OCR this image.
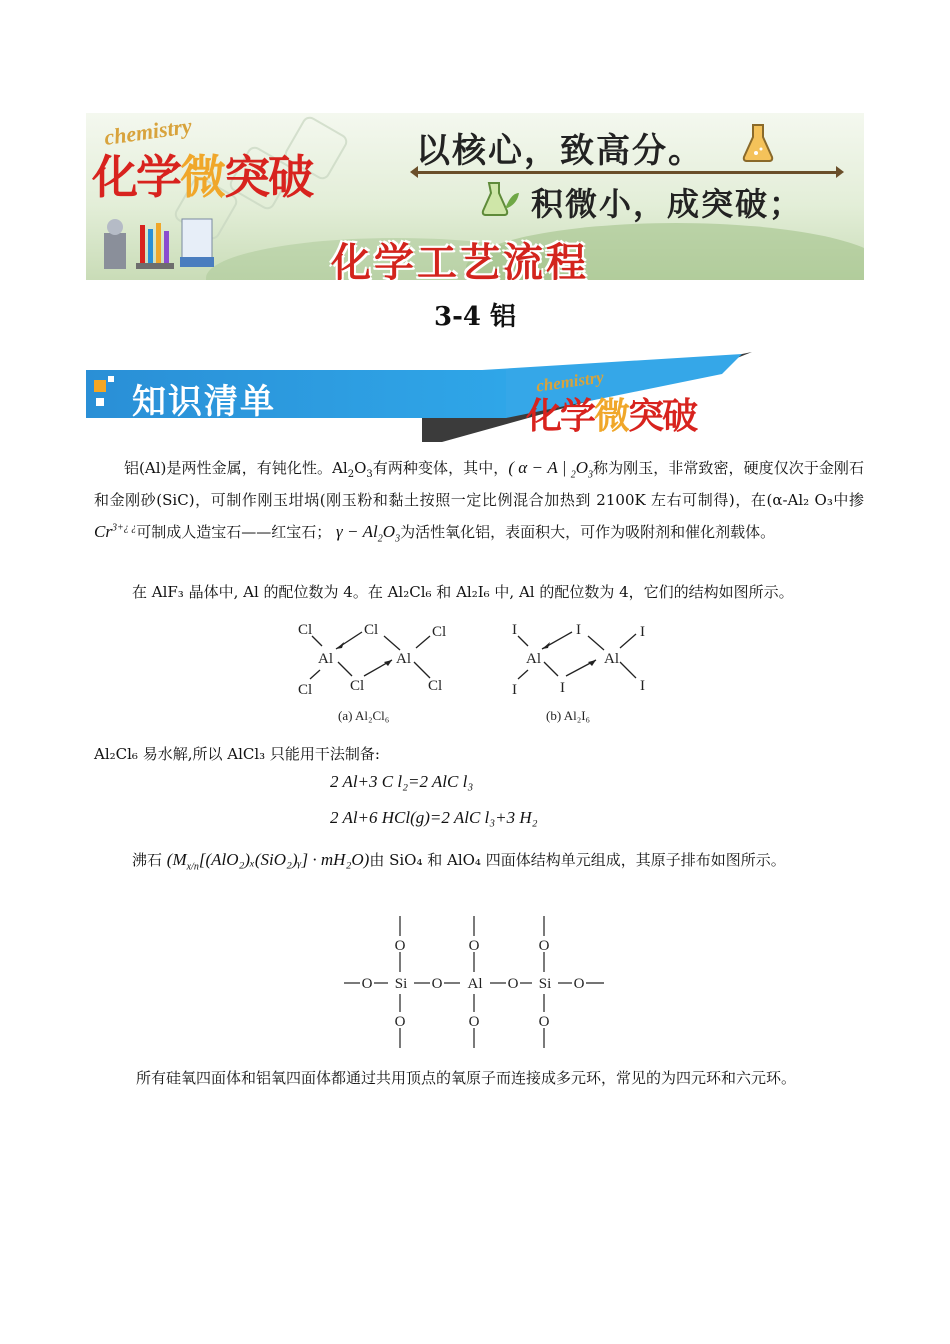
chemistry
化学微突破	以核心，致高分。
积微小，成突破；
化学工艺流程
3-4 铝
知识清单
chemistry
化学微突破
铝(Al)是两性金属，有钝化性。$Al_2O_3$有两种变体，其中，( α − A | $_2O_3$称为刚玉，非常致密，硬度仅次于金刚石和金刚砂(SiC)，可制作刚玉坩埚(刚玉粉和黏土按照一定比例混合加热到 2100K 左右可制得)，在(α-Al₂ O₃中掺 $Cr^{3+¿ ¿}$可制成人造宝石——红宝石； $\gamma - Al_2O_3$为活性氧化铝，表面积大，可作为吸附剂和催化剂载体。
在 AlF₃ 晶体中, Al 的配位数为 4。在 Al₂Cl₆ 和 Al₂I₆ 中, Al 的配位数为 4，它们的结构如图所示。
Cl	Cl	Cl
Al	Al
Cl	Cl	Cl
I	I	I
Al	Al
I	I	I
(a) Al₂Cl₆	(b) Al₂I₆
Al₂Cl₆ 易水解,所以 AlCl₃ 只能用干法制备:
2 Al+3 C l₂=2 AlC l₃
2 Al+6 HCl(g)=2 AlC l₃+3 H₂
沸石 $(M_{x/n}[(AlO_2)_x(SiO_2)ᵧ] \cdot mH_2O)$由 SiO₄ 和 AlO₄ 四面体结构单元组成，其原子排布如图所示。
O	O	O
O Si O Al O Si O
O	O	O
所有硅氧四面体和铝氧四面体都通过共用顶点的氧原子而连接成多元环，常见的为四元环和六元环。
